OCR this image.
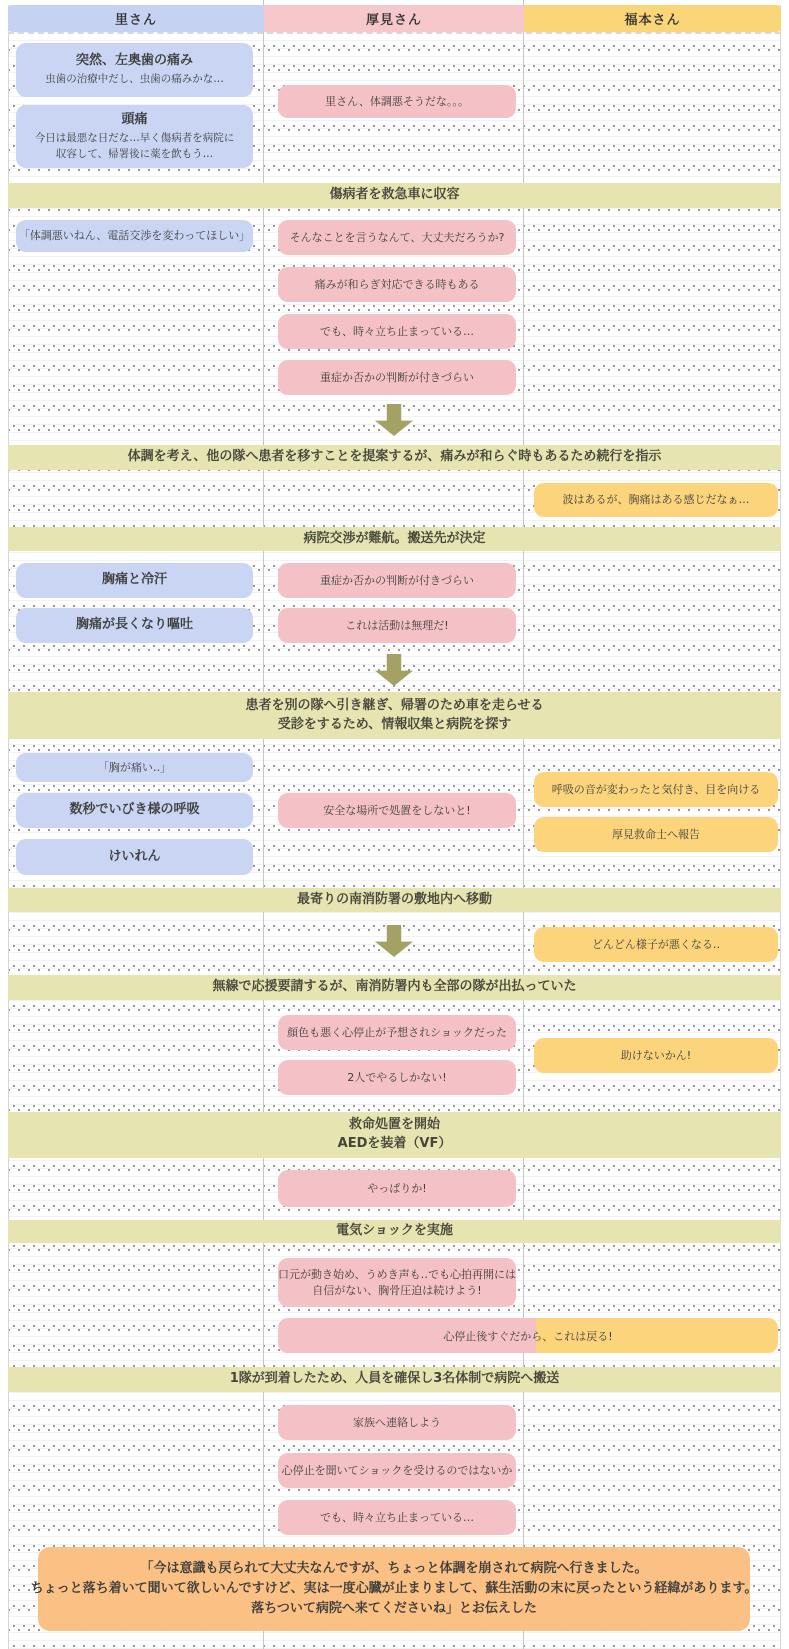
里さん	厚見さん	福本さん
突然、左奥歯の痛み
虫歯の治療中だし、虫歯の痛みかな…
頭痛
今日は最悪な日だな…早く傷病者を病院に
収容して、帰署後に薬を飲もう…
「体調悪いねん、電話交渉を変わってほしい」
胸痛と冷汗
胸痛が長くなり嘔吐
「胸が痛い‥」
数秒でいびき様の呼吸
けいれん
里さん、体調悪そうだな。。。
そんなことを言うなんて、大丈夫だろうか?
痛みが和らぎ対応できる時もある
でも、時々立ち止まっている…
重症か否かの判断が付きづらい
重症か否かの判断が付きづらい
これは活動は無理だ!
安全な場所で処置をしないと!
顔色も悪く心停止が予想されショックだった
2人でやるしかない!
やっぱりか!
口元が動き始め、うめき声も‥でも心拍再開には
自信がない、胸骨圧迫は続けよう!
家族へ連絡しよう
心停止を聞いてショックを受けるのではないか
でも、時々立ち止まっている…
波はあるが、胸痛はある感じだなぁ…
呼吸の音が変わったと気付き、目を向ける
厚見救命士へ報告
どんどん様子が悪くなる‥
助けないかん!
心停止後すぐだから、これは戻る!
傷病者を救急車に収容
体調を考え、他の隊へ患者を移すことを提案するが、痛みが和らぐ時もあるため続行を指示
病院交渉が難航。搬送先が決定
患者を別の隊へ引き継ぎ、帰署のため車を走らせる
受診をするため、情報収集と病院を探す
最寄りの南消防署の敷地内へ移動
無線で応援要請するが、南消防署内も全部の隊が出払っていた
救命処置を開始
AEDを装着（VF）
電気ショックを実施
1隊が到着したため、人員を確保し3名体制で病院へ搬送
「今は意識も戻られて大丈夫なんですが、ちょっと体調を崩されて病院へ行きました。
ちょっと落ち着いて聞いて欲しいんですけど、実は一度心臓が止まりまして、蘇生活動の末に戻ったという経緯があります。
落ちついて病院へ来てくださいね」とお伝えした
